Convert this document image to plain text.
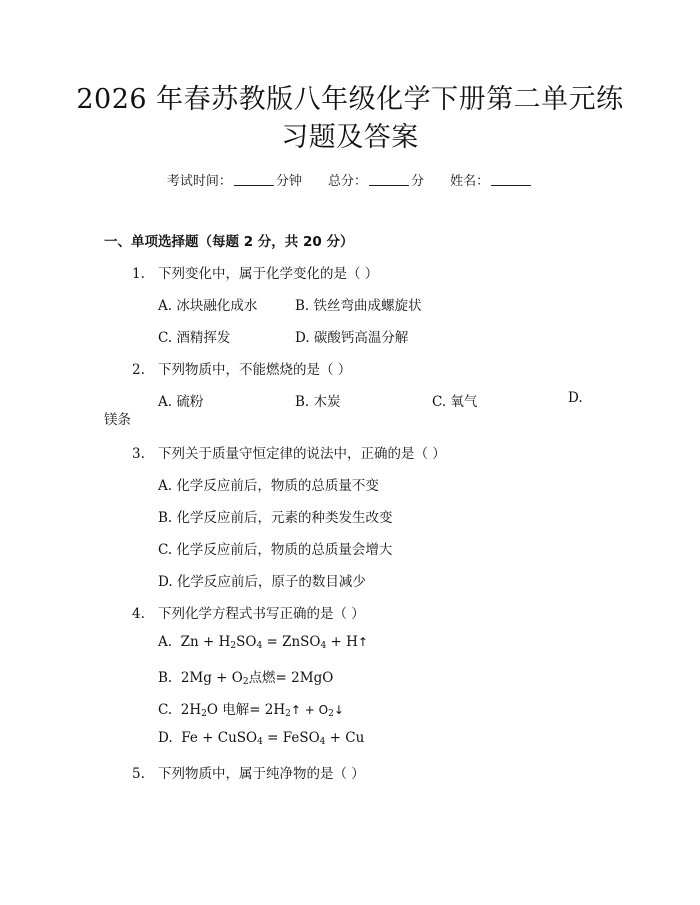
2026 年春苏教版八年级化学下册第二单元练
习题及答案
考试时间：	分钟 总分：	分 姓名：
一、单项选择题（每题 2 分，共 20 分）
1. 下列变化中，属于化学变化的是（ ）
A. 冰块融化成水	B. 铁丝弯曲成螺旋状
C. 酒精挥发	D. 碳酸钙高温分解
2. 下列物质中，不能燃烧的是（ ）
A. 硫粉	B. 木炭	C. 氧气	D.
镁条
3. 下列关于质量守恒定律的说法中，正确的是（ ）
A. 化学反应前后，物质的总质量不变
B. 化学反应前后，元素的种类发生改变
C. 化学反应前后，物质的总质量会增大
D. 化学反应前后，原子的数目减少
4. 下列化学方程式书写正确的是（ ）
A. $Zn + H_2SO_4$ = ZnSO$_4$ + H↑
B. $2Mg + O_2$点燃= 2MgO
C. $2H_2O$ 电解= $2H_2↑$ + $O_2↓$
D. Fe + CuSO$_4$ = FeSO$_4$ + Cu
5. 下列物质中，属于纯净物的是（ ）
